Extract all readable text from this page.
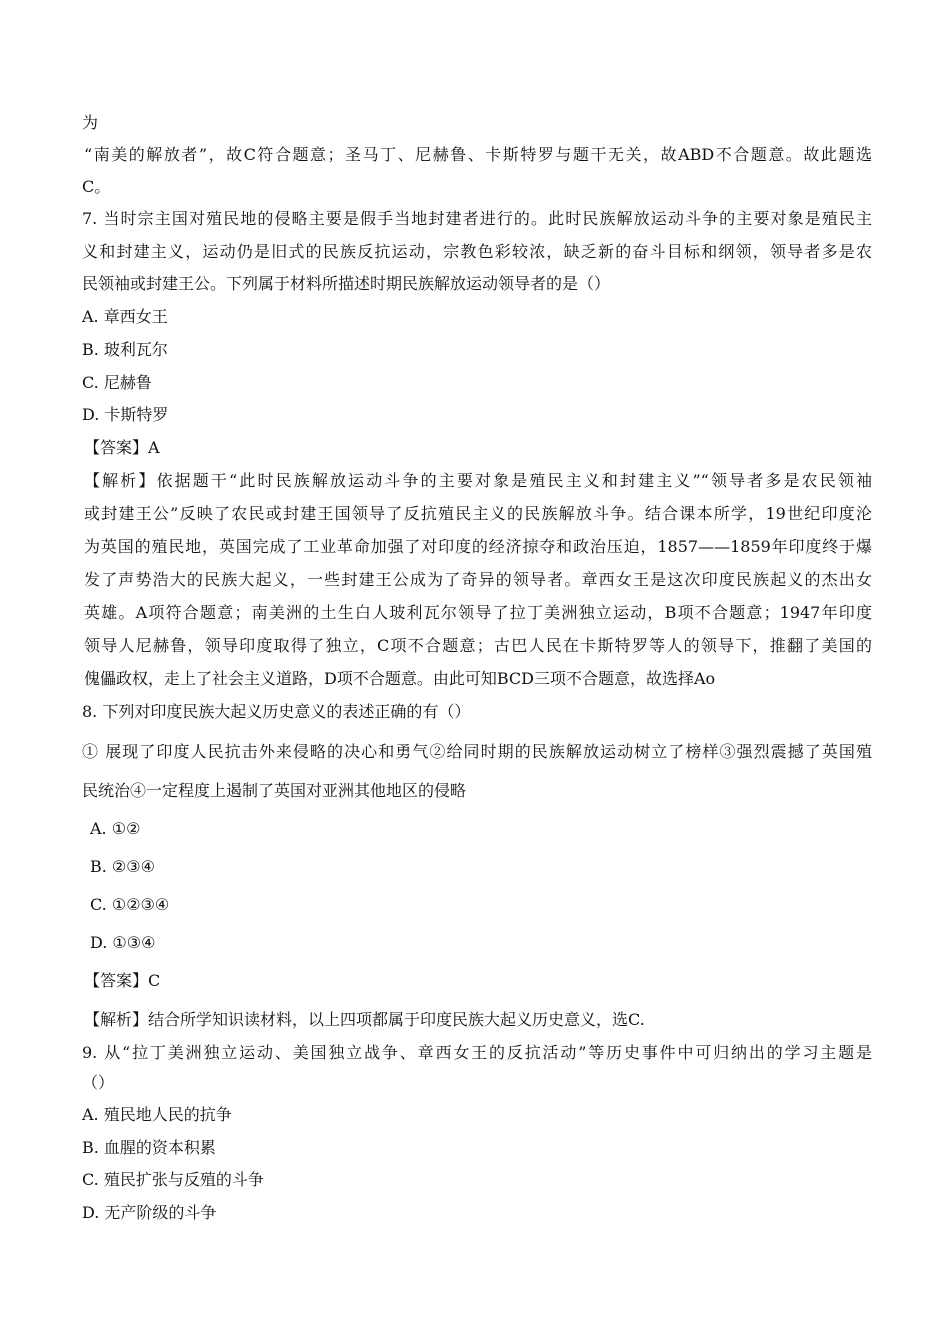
为
“南美的解放者”，故C符合题意；圣马丁、尼赫鲁、卡斯特罗与题干无关，故ABD不合题意。故此题选
C。
7. 当时宗主国对殖民地的侵略主要是假手当地封建者进行的。此时民族解放运动斗争的主要对象是殖民主
义和封建主义，运动仍是旧式的民族反抗运动，宗教色彩较浓，缺乏新的奋斗目标和纲领，领导者多是农
民领袖或封建王公。下列属于材料所描述时期民族解放运动领导者的是（）
A. 章西女王
B. 玻利瓦尔
C. 尼赫鲁
D. 卡斯特罗
【答案】A
【解析】依据题干“此时民族解放运动斗争的主要对象是殖民主义和封建主义”“领导者多是农民领袖
或封建王公”反映了农民或封建王国领导了反抗殖民主义的民族解放斗争。结合课本所学，19世纪印度沦
为英国的殖民地，英国完成了工业革命加强了对印度的经济掠夺和政治压迫，1857——1859年印度终于爆
发了声势浩大的民族大起义，一些封建王公成为了奇异的领导者。章西女王是这次印度民族起义的杰出女
英雄。A项符合题意；南美洲的土生白人玻利瓦尔领导了拉丁美洲独立运动，B项不合题意；1947年印度
领导人尼赫鲁，领导印度取得了独立，C项不合题意；古巴人民在卡斯特罗等人的领导下，推翻了美国的
傀儡政权，走上了社会主义道路，D项不合题意。由此可知BCD三项不合题意，故选择Ao
8. 下列对印度民族大起义历史意义的表述正确的有（）
① 展现了印度人民抗击外来侵略的决心和勇气②给同时期的民族解放运动树立了榜样③强烈震撼了英国殖
民统治④一定程度上遏制了英国对亚洲其他地区的侵略
A. ①②
B. ②③④
C. ①②③④
D. ①③④
【答案】C
【解析】结合所学知识读材料，以上四项都属于印度民族大起义历史意义，选C.
9. 从“拉丁美洲独立运动、美国独立战争、章西女王的反抗活动”等历史事件中可归纳出的学习主题是
（）
A. 殖民地人民的抗争
B. 血腥的资本积累
C. 殖民扩张与反殖的斗争
D. 无产阶级的斗争
